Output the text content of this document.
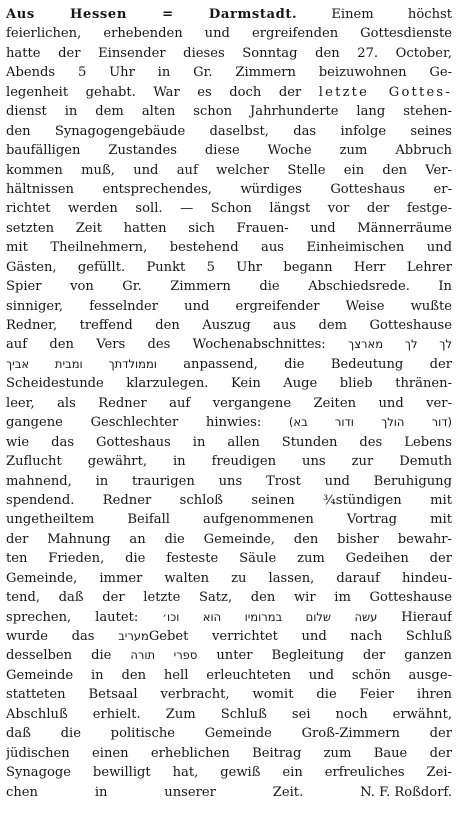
Aus Hessen = Darmstadt.	Einem höchst
feierlichen, erhebenden und ergreifenden Gottesdienste
hatte der Einsender dieses Sonntag den 27. October,
Abends 5 Uhr in Gr. Zimmern beizuwohnen Ge-
legenheit gehabt. War es doch der letzte Gottes-
dienst in dem alten schon Jahrhunderte lang stehen-
den Synagogengebäude daselbst, das infolge seines
baufälligen Zustandes diese Woche zum Abbruch
kommen muß, und auf welcher Stelle ein den Ver-
hältnissen entsprechendes, würdiges Gotteshaus er-
richtet werden soll. — Schon längst vor der festge-
setzten Zeit hatten sich Frauen- und Männerräume
mit Theilnehmern, bestehend aus Einheimischen und
Gästen, gefüllt. Punkt 5 Uhr begann Herr Lehrer
Spier von Gr. Zimmern die Abschiedsrede. In
sinniger, fesselnder und ergreifender Weise wußte
Redner, treffend den Auszug aus dem Gotteshause
auf den Vers des Wochenabschnittes: לך לך מארצך
וממולדתך ומבית אביך anpassend, die Bedeutung der
Scheidestunde klarzulegen. Kein Auge blieb thränen-
leer, als Redner auf vergangene Zeiten und ver-
gangene Geschlechter hinwies: (דור הולך ודור בא)
wie das Gotteshaus in allen Stunden des Lebens
Zuflucht gewährt, in freudigen uns zur Demuth
mahnend, in traurigen uns Trost und Beruhigung
spendend. Redner schloß seinen ¾stündigen mit
ungetheiltem Beifall aufgenommenen Vortrag mit
der Mahnung an die Gemeinde, den bisher bewahr-
ten Frieden, die festeste Säule zum Gedeihen der
Gemeinde, immer walten zu lassen, darauf hindeu-
tend, daß der letzte Satz, den wir im Gotteshause
sprechen, lautet: עשה שלום במרומיו הוא וכו׳ Hierauf
wurde das מעריבGebet verrichtet und nach Schluß
desselben die ספרי תורה unter Begleitung der ganzen
Gemeinde in den hell erleuchteten und schön ausge-
statteten Betsaal verbracht, womit die Feier ihren
Abschluß erhielt. Zum Schluß sei noch erwähnt,
daß die politische Gemeinde Groß-Zimmern der
jüdischen einen erheblichen Beitrag zum Baue der
Synagoge bewilligt hat, gewiß ein erfreuliches Zei-
chen in unserer Zeit.	N. F. Roßdorf.
